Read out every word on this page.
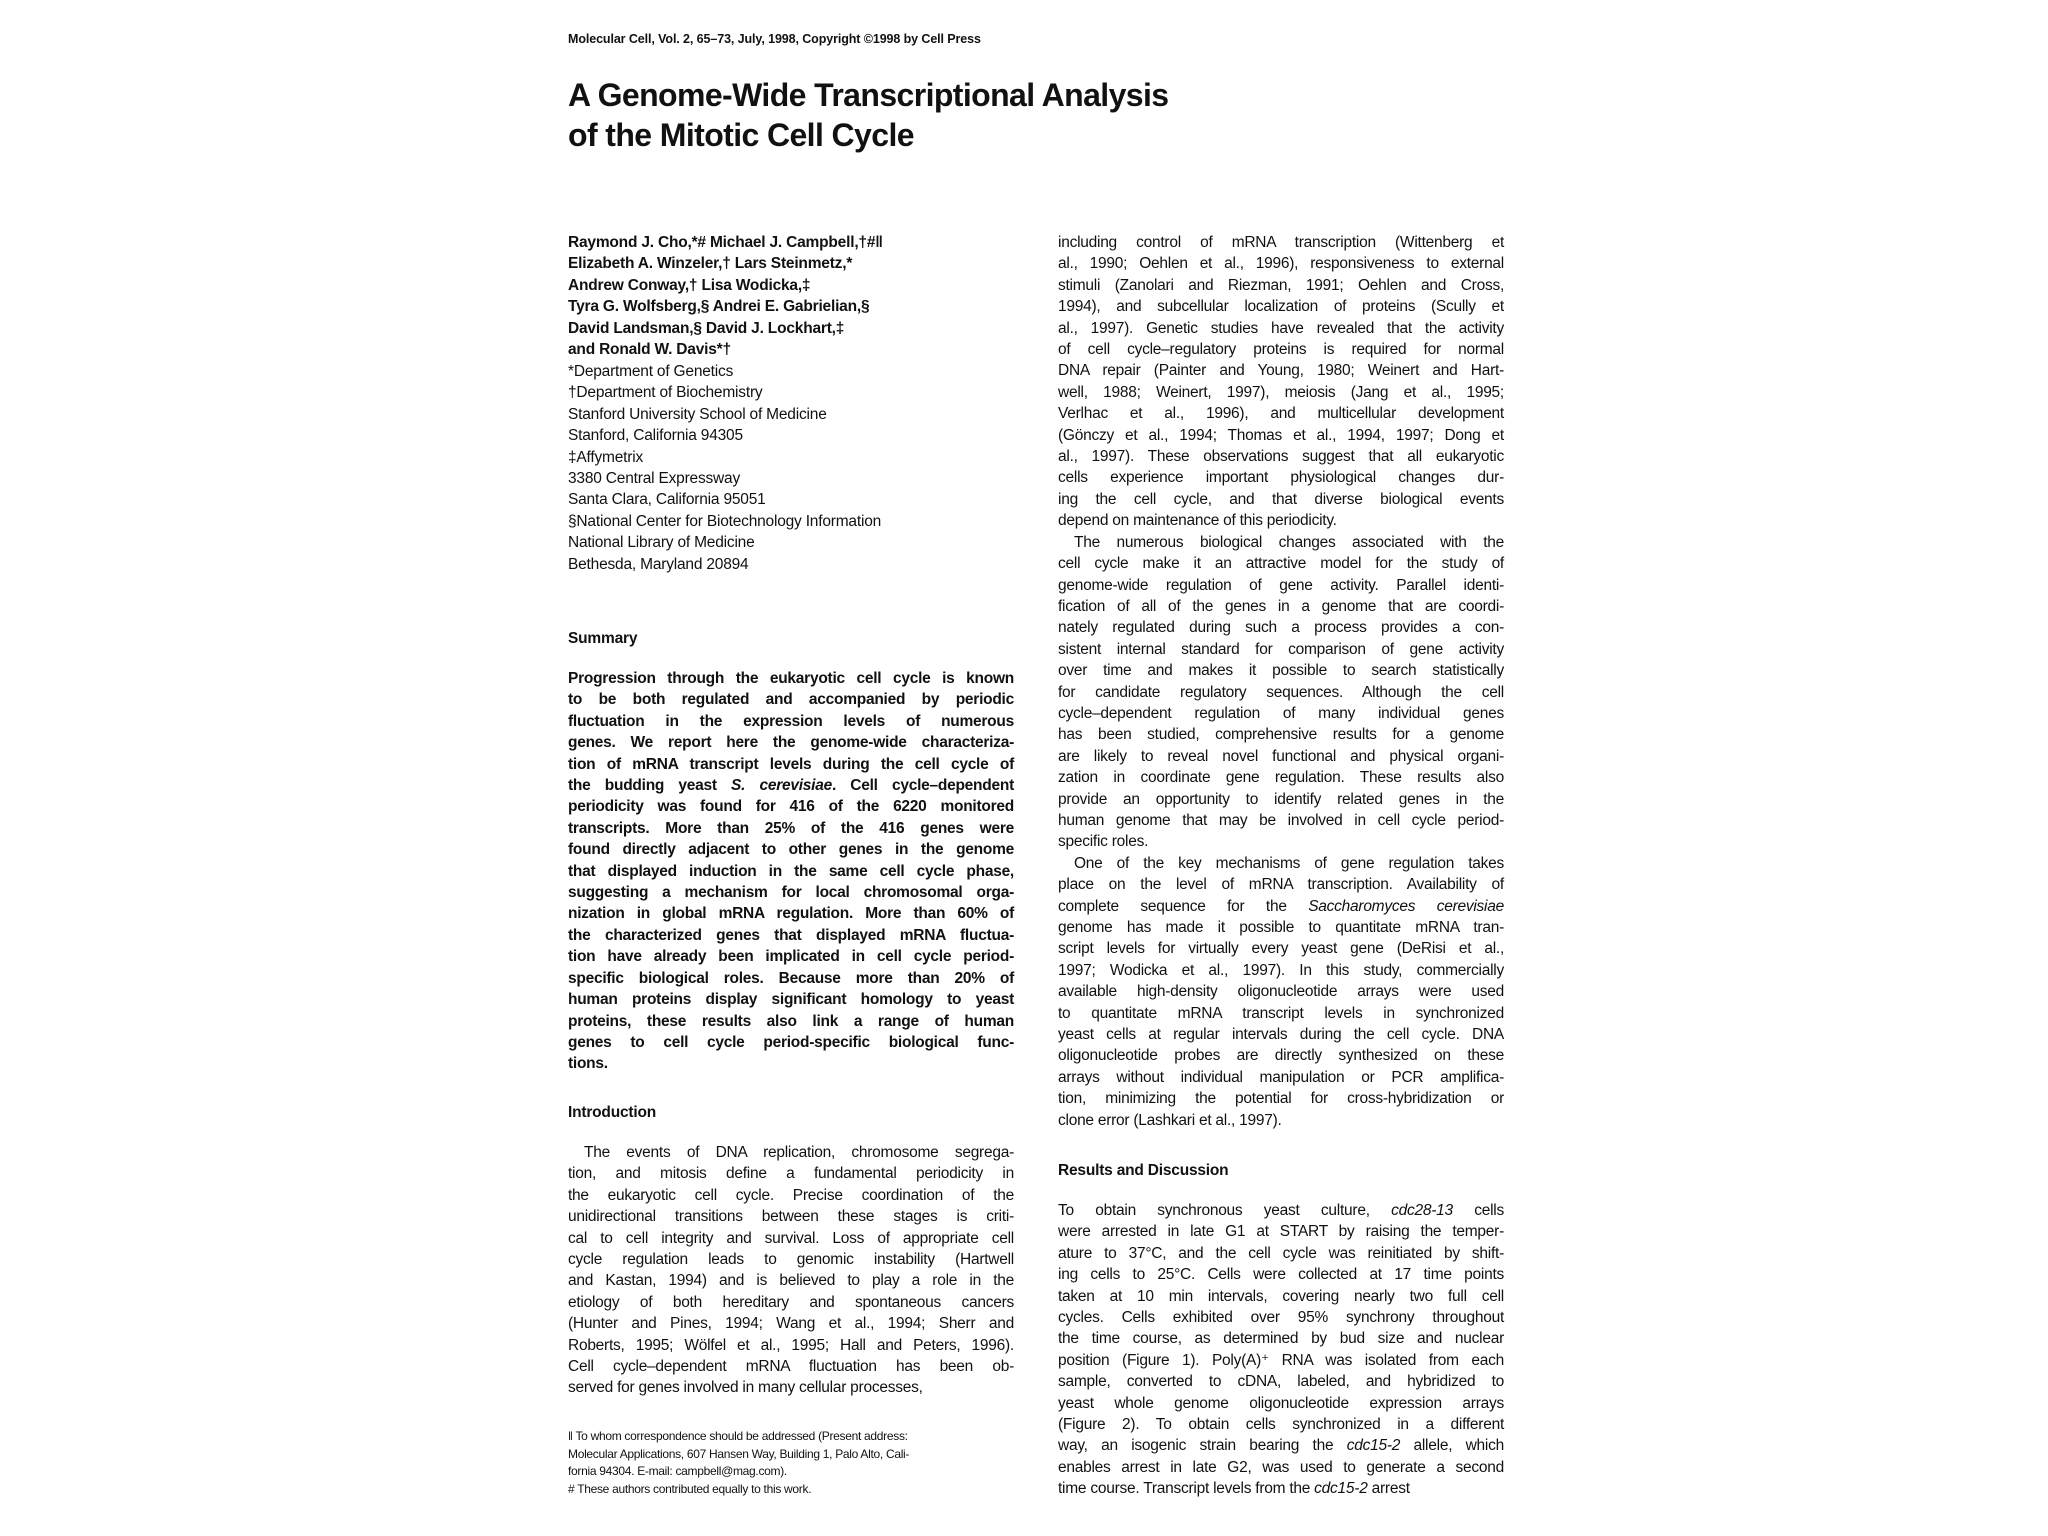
Molecular Cell, Vol. 2, 65–73, July, 1998, Copyright ©1998 by Cell Press
A Genome-Wide Transcriptional Analysis
of the Mitotic Cell Cycle
Raymond J. Cho,*# Michael J. Campbell,†#‖
Elizabeth A. Winzeler,† Lars Steinmetz,*
Andrew Conway,† Lisa Wodicka,‡
Tyra G. Wolfsberg,§ Andrei E. Gabrielian,§
David Landsman,§ David J. Lockhart,‡
and Ronald W. Davis*†
*Department of Genetics
†Department of Biochemistry
Stanford University School of Medicine
Stanford, California 94305
‡Affymetrix
3380 Central Expressway
Santa Clara, California 95051
§National Center for Biotechnology Information
National Library of Medicine
Bethesda, Maryland 20894
Summary
Progression through the eukaryotic cell cycle is known
to be both regulated and accompanied by periodic
fluctuation in the expression levels of numerous
genes. We report here the genome-wide characteriza-
tion of mRNA transcript levels during the cell cycle of
the budding yeast S. cerevisiae. Cell cycle–dependent
periodicity was found for 416 of the 6220 monitored
transcripts. More than 25% of the 416 genes were
found directly adjacent to other genes in the genome
that displayed induction in the same cell cycle phase,
suggesting a mechanism for local chromosomal orga-
nization in global mRNA regulation. More than 60% of
the characterized genes that displayed mRNA fluctua-
tion have already been implicated in cell cycle period-
specific biological roles. Because more than 20% of
human proteins display significant homology to yeast
proteins, these results also link a range of human
genes to cell cycle period-specific biological func-
tions.
Introduction
The events of DNA replication, chromosome segrega-
tion, and mitosis define a fundamental periodicity in
the eukaryotic cell cycle. Precise coordination of the
unidirectional transitions between these stages is criti-
cal to cell integrity and survival. Loss of appropriate cell
cycle regulation leads to genomic instability (Hartwell
and Kastan, 1994) and is believed to play a role in the
etiology of both hereditary and spontaneous cancers
(Hunter and Pines, 1994; Wang et al., 1994; Sherr and
Roberts, 1995; Wölfel et al., 1995; Hall and Peters, 1996).
Cell cycle–dependent mRNA fluctuation has been ob-
served for genes involved in many cellular processes,
‖ To whom correspondence should be addressed (Present address:
Molecular Applications, 607 Hansen Way, Building 1, Palo Alto, Cali-
fornia 94304. E-mail: campbell@mag.com).
# These authors contributed equally to this work.
including control of mRNA transcription (Wittenberg et
al., 1990; Oehlen et al., 1996), responsiveness to external
stimuli (Zanolari and Riezman, 1991; Oehlen and Cross,
1994), and subcellular localization of proteins (Scully et
al., 1997). Genetic studies have revealed that the activity
of cell cycle–regulatory proteins is required for normal
DNA repair (Painter and Young, 1980; Weinert and Hart-
well, 1988; Weinert, 1997), meiosis (Jang et al., 1995;
Verlhac et al., 1996), and multicellular development
(Gönczy et al., 1994; Thomas et al., 1994, 1997; Dong et
al., 1997). These observations suggest that all eukaryotic
cells experience important physiological changes dur-
ing the cell cycle, and that diverse biological events
depend on maintenance of this periodicity.
The numerous biological changes associated with the
cell cycle make it an attractive model for the study of
genome-wide regulation of gene activity. Parallel identi-
fication of all of the genes in a genome that are coordi-
nately regulated during such a process provides a con-
sistent internal standard for comparison of gene activity
over time and makes it possible to search statistically
for candidate regulatory sequences. Although the cell
cycle–dependent regulation of many individual genes
has been studied, comprehensive results for a genome
are likely to reveal novel functional and physical organi-
zation in coordinate gene regulation. These results also
provide an opportunity to identify related genes in the
human genome that may be involved in cell cycle period-
specific roles.
One of the key mechanisms of gene regulation takes
place on the level of mRNA transcription. Availability of
complete sequence for the Saccharomyces cerevisiae
genome has made it possible to quantitate mRNA tran-
script levels for virtually every yeast gene (DeRisi et al.,
1997; Wodicka et al., 1997). In this study, commercially
available high-density oligonucleotide arrays were used
to quantitate mRNA transcript levels in synchronized
yeast cells at regular intervals during the cell cycle. DNA
oligonucleotide probes are directly synthesized on these
arrays without individual manipulation or PCR amplifica-
tion, minimizing the potential for cross-hybridization or
clone error (Lashkari et al., 1997).
Results and Discussion
To obtain synchronous yeast culture, cdc28-13 cells
were arrested in late G1 at START by raising the temper-
ature to 37°C, and the cell cycle was reinitiated by shift-
ing cells to 25°C. Cells were collected at 17 time points
taken at 10 min intervals, covering nearly two full cell
cycles. Cells exhibited over 95% synchrony throughout
the time course, as determined by bud size and nuclear
position (Figure 1). Poly(A)⁺ RNA was isolated from each
sample, converted to cDNA, labeled, and hybridized to
yeast whole genome oligonucleotide expression arrays
(Figure 2). To obtain cells synchronized in a different
way, an isogenic strain bearing the cdc15-2 allele, which
enables arrest in late G2, was used to generate a second
time course. Transcript levels from the cdc15-2 arrest
